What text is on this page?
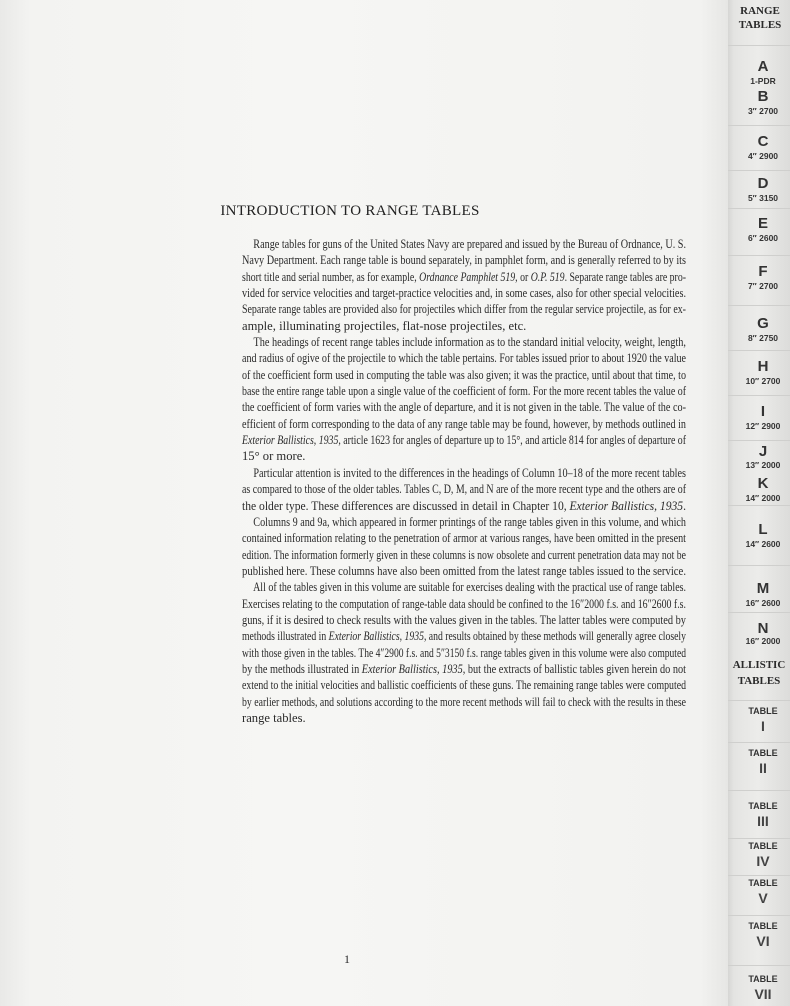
INTRODUCTION TO RANGE TABLES
Range tables for guns of the United States Navy are prepared and issued by the Bureau of Ordnance, U. S.
Navy Department. Each range table is bound separately, in pamphlet form, and is generally referred to by its
short title and serial number, as for example, Ordnance Pamphlet 519, or O.P. 519. Separate range tables are pro-
vided for service velocities and target-practice velocities and, in some cases, also for other special velocities.
Separate range tables are provided also for projectiles which differ from the regular service projectile, as for ex-
ample, illuminating projectiles, flat-nose projectiles, etc.
The headings of recent range tables include information as to the standard initial velocity, weight, length,
and radius of ogive of the projectile to which the table pertains. For tables issued prior to about 1920 the value
of the coefficient form used in computing the table was also given; it was the practice, until about that time, to
base the entire range table upon a single value of the coefficient of form. For the more recent tables the value of
the coefficient of form varies with the angle of departure, and it is not given in the table. The value of the co-
efficient of form corresponding to the data of any range table may be found, however, by methods outlined in
Exterior Ballistics, 1935, article 1623 for angles of departure up to 15°, and article 814 for angles of departure of
15° or more.
Particular attention is invited to the differences in the headings of Column 10–18 of the more recent tables
as compared to those of the older tables. Tables C, D, M, and N are of the more recent type and the others are of
the older type. These differences are discussed in detail in Chapter 10, Exterior Ballistics, 1935.
Columns 9 and 9a, which appeared in former printings of the range tables given in this volume, and which
contained information relating to the penetration of armor at various ranges, have been omitted in the present
edition. The information formerly given in these columns is now obsolete and current penetration data may not be
published here. These columns have also been omitted from the latest range tables issued to the service.
All of the tables given in this volume are suitable for exercises dealing with the practical use of range tables.
Exercises relating to the computation of range-table data should be confined to the 16″2000 f.s. and 16″2600 f.s.
guns, if it is desired to check results with the values given in the tables. The latter tables were computed by
methods illustrated in Exterior Ballistics, 1935, and results obtained by these methods will generally agree closely
with those given in the tables. The 4″2900 f.s. and 5″3150 f.s. range tables given in this volume were also computed
by the methods illustrated in Exterior Ballistics, 1935, but the extracts of ballistic tables given herein do not
extend to the initial velocities and ballistic coefficients of these guns. The remaining range tables were computed
by earlier methods, and solutions according to the more recent methods will fail to check with the results in these
range tables.
1
RANGE
TABLES
ALLISTIC
TABLES
A
1-PDR
B
3″ 2700
C
4″ 2900
D
5″ 3150
E
6″ 2600
F
7″ 2700
G
8″ 2750
H
10″ 2700
I
12″ 2900
J
13″ 2000
K
14″ 2000
L
14″ 2600
M
16″ 2600
N
16″ 2000
TABLE
I
TABLE
II
TABLE
III
TABLE
IV
TABLE
V
TABLE
VI
TABLE
VII
